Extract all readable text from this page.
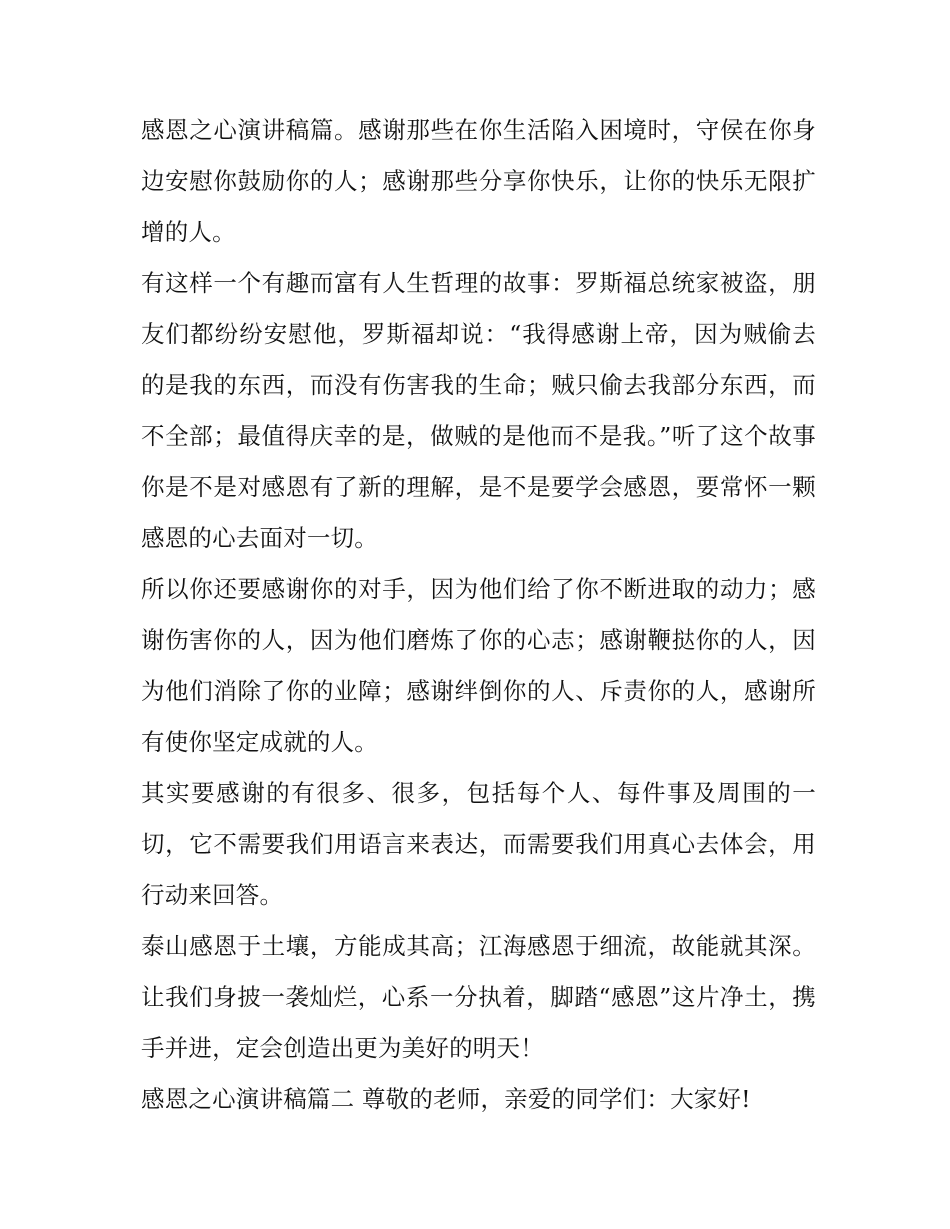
感恩之心演讲稿篇。感谢那些在你生活陷入困境时，守侯在你身边安慰你鼓励你的人；感谢那些分享你快乐，让你的快乐无限扩增的人。

有这样一个有趣而富有人生哲理的故事：罗斯福总统家被盗，朋友们都纷纷安慰他，罗斯福却说：“我得感谢上帝，因为贼偷去的是我的东西，而没有伤害我的生命；贼只偷去我部分东西，而不全部；最值得庆幸的是，做贼的是他而不是我。”听了这个故事你是不是对感恩有了新的理解，是不是要学会感恩，要常怀一颗感恩的心去面对一切。

所以你还要感谢你的对手，因为他们给了你不断进取的动力；感谢伤害你的人，因为他们磨炼了你的心志；感谢鞭挞你的人，因为他们消除了你的业障；感谢绊倒你的人、斥责你的人，感谢所有使你坚定成就的人。

其实要感谢的有很多、很多，包括每个人、每件事及周围的一切，它不需要我们用语言来表达，而需要我们用真心去体会，用行动来回答。

泰山感恩于土壤，方能成其高；江海感恩于细流，故能就其深。 让我们身披一袭灿烂，心系一分执着，脚踏“感恩”这片净土，携手并进，定会创造出更为美好的明天！

感恩之心演讲稿篇二 尊敬的老师，亲爱的同学们：大家好!
